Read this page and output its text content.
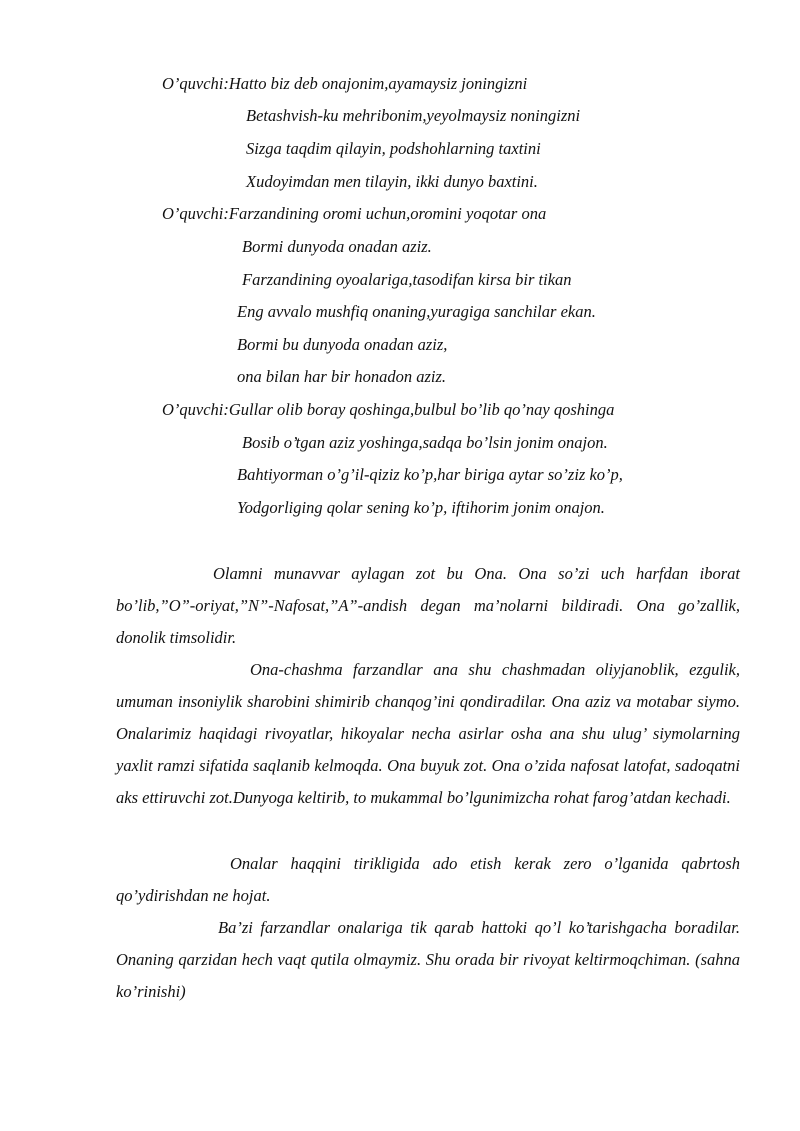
O’quvchi:Hatto biz deb onajonim,ayamaysiz joningizni
Betashvish-ku mehribonim,yeyolmaysiz noningizni
Sizga taqdim qilayin, podshohlarning taxtini
Xudoyimdan men tilayin, ikki dunyo baxtini.
O’quvchi:Farzandining oromi uchun,oromini yoqotar ona
Bormi dunyoda onadan aziz.
Farzandining oyoalariga,tasodifan kirsa bir tikan
Eng avvalo mushfiq onaning,yuragiga sanchilar ekan.
Bormi bu dunyoda onadan aziz,
ona bilan har bir honadon aziz.
O’quvchi:Gullar olib boray qoshinga,bulbul bo’lib qo’nay qoshinga
Bosib o’tgan aziz yoshinga,sadqa bo’lsin jonim onajon.
Bahtiyorman o’g’il-qiziz ko’p,har biriga aytar so’ziz ko’p,
Yodgorliging qolar sening ko’p, iftihorim jonim onajon.

Olamni munavvar aylagan zot bu Ona. Ona so’zi uch harfdan iborat bo’lib,”O”-oriyat,”N”-Nafosat,”A”-andish degan ma’nolarni bildiradi. Ona go’zallik, donolik timsolidir.

Ona-chashma farzandlar ana shu chashmadan oliyjanoblik, ezgulik, umuman insoniylik sharobini shimirib chanqog’ini qondiradilar. Ona aziz va motabar siymo. Onalarimiz haqidagi rivoyatlar, hikoyalar necha asirlar osha ana shu ulug’ siymolarning yaxlit ramzi sifatida saqlanib kelmoqda. Ona buyuk zot. Ona o’zida nafosat latofat, sadoqatni aks ettiruvchi zot.Dunyoga keltirib, to mukammal bo’lgunimizcha rohat farog’atdan kechadi.

Onalar haqqini tirikligida ado etish kerak zero o’lganida qabrtosh qo’ydirishdan ne hojat.

Ba’zi farzandlar onalariga tik qarab hattoki qo’l ko’tarishgacha boradilar. Onaning qarzidan hech vaqt qutila olmaymiz. Shu orada bir rivoyat keltirmoqchiman. (sahna ko’rinishi)
